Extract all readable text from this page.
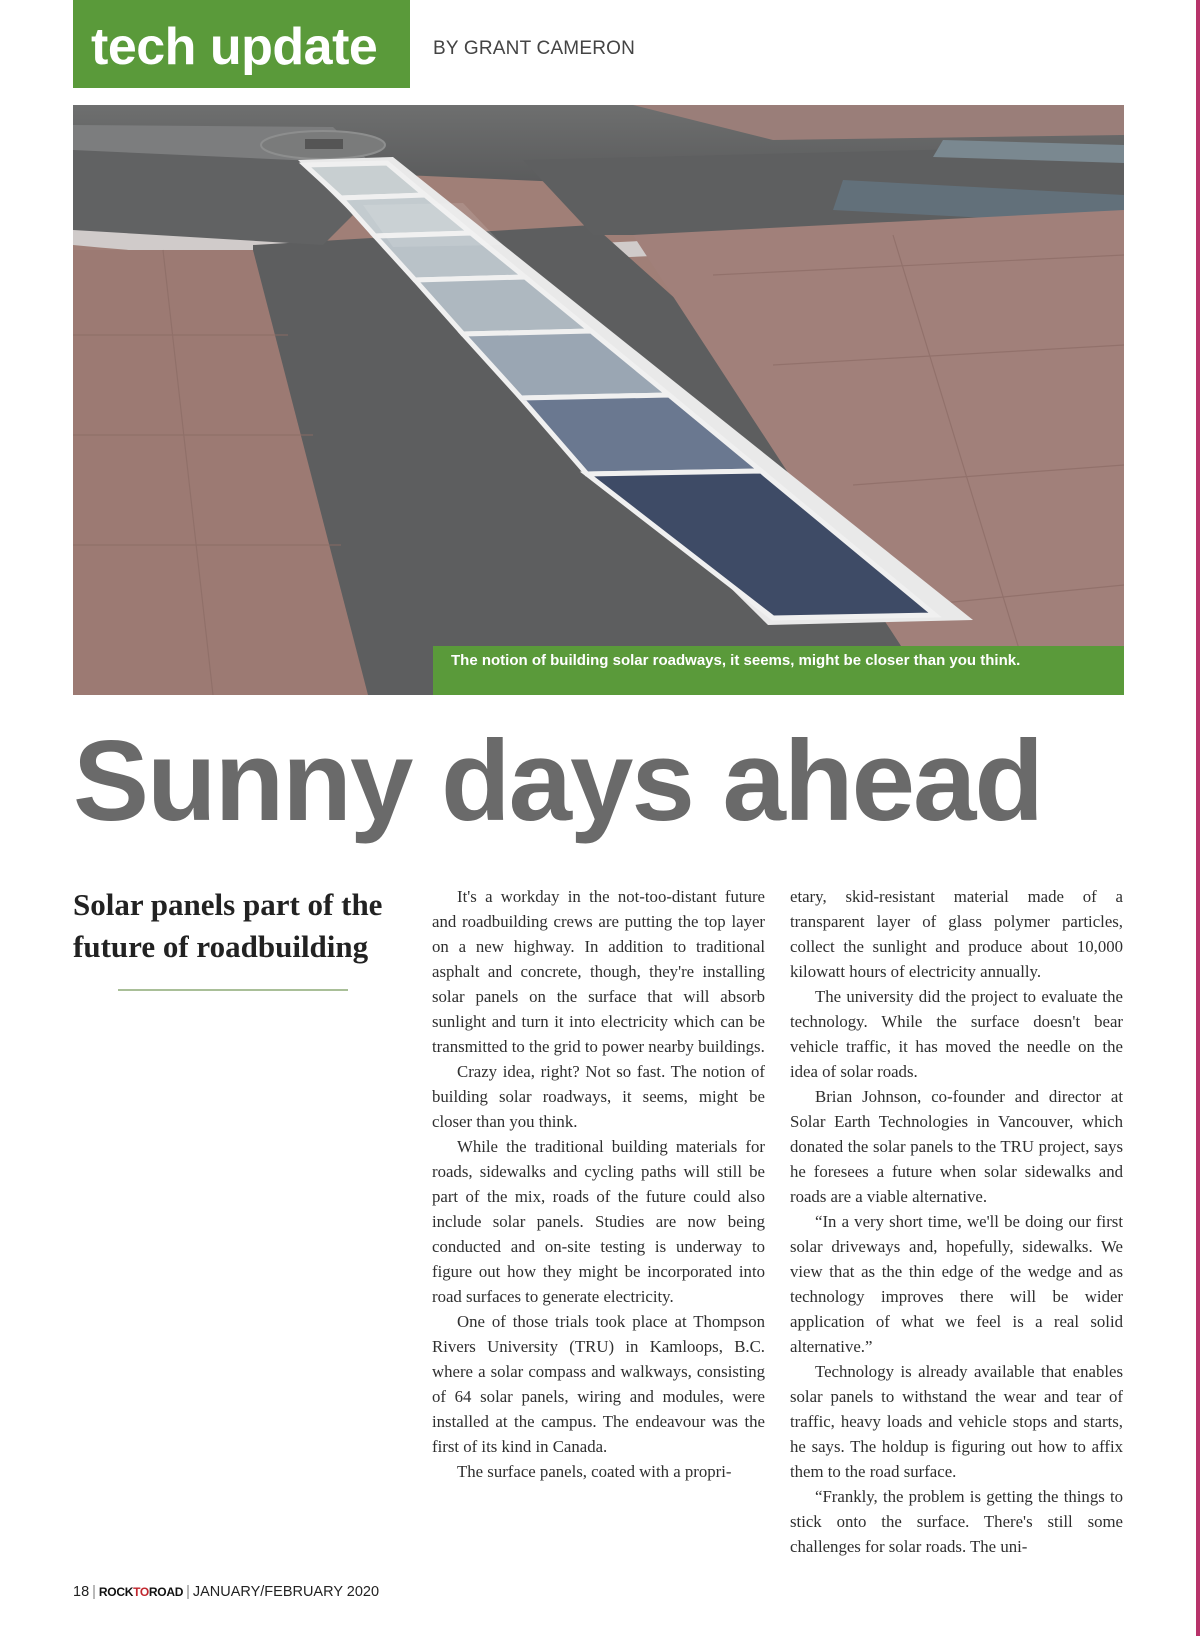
tech update	BY GRANT CAMERON
The notion of building solar roadways, it seems, might be closer than you think.
Sunny days ahead
Solar panels part of the future of roadbuilding

It's a workday in the not-too-distant future and roadbuilding crews are putting the top layer on a new highway. In addition to traditional asphalt and concrete, though, they're installing solar panels on the surface that will absorb sunlight and turn it into electricity which can be transmitted to the grid to power nearby buildings.

Crazy idea, right? Not so fast. The notion of building solar roadways, it seems, might be closer than you think.

While the traditional building materials for roads, sidewalks and cycling paths will still be part of the mix, roads of the future could also include solar panels. Studies are now being conducted and on-site testing is underway to figure out how they might be incorporated into road surfaces to generate electricity.

One of those trials took place at Thompson Rivers University (TRU) in Kamloops, B.C. where a solar compass and walkways, consisting of 64 solar panels, wiring and modules, were installed at the campus. The endeavour was the first of its kind in Canada.

The surface panels, coated with a propri-

etary, skid-resistant material made of a transparent layer of glass polymer particles, collect the sunlight and produce about 10,000 kilowatt hours of electricity annually.

The university did the project to evaluate the technology. While the surface doesn't bear vehicle traffic, it has moved the needle on the idea of solar roads.

Brian Johnson, co-founder and director at Solar Earth Technologies in Vancouver, which donated the solar panels to the TRU project, says he foresees a future when solar sidewalks and roads are a viable alternative.

“In a very short time, we'll be doing our first solar driveways and, hopefully, sidewalks. We view that as the thin edge of the wedge and as technology improves there will be wider application of what we feel is a real solid alternative.”

Technology is already available that enables solar panels to withstand the wear and tear of traffic, heavy loads and vehicle stops and starts, he says. The holdup is figuring out how to affix them to the road surface.

“Frankly, the problem is getting the things to stick onto the surface. There's still some challenges for solar roads. The uni-

18 | ROCKTOROAD | JANUARY/FEBRUARY 2020
